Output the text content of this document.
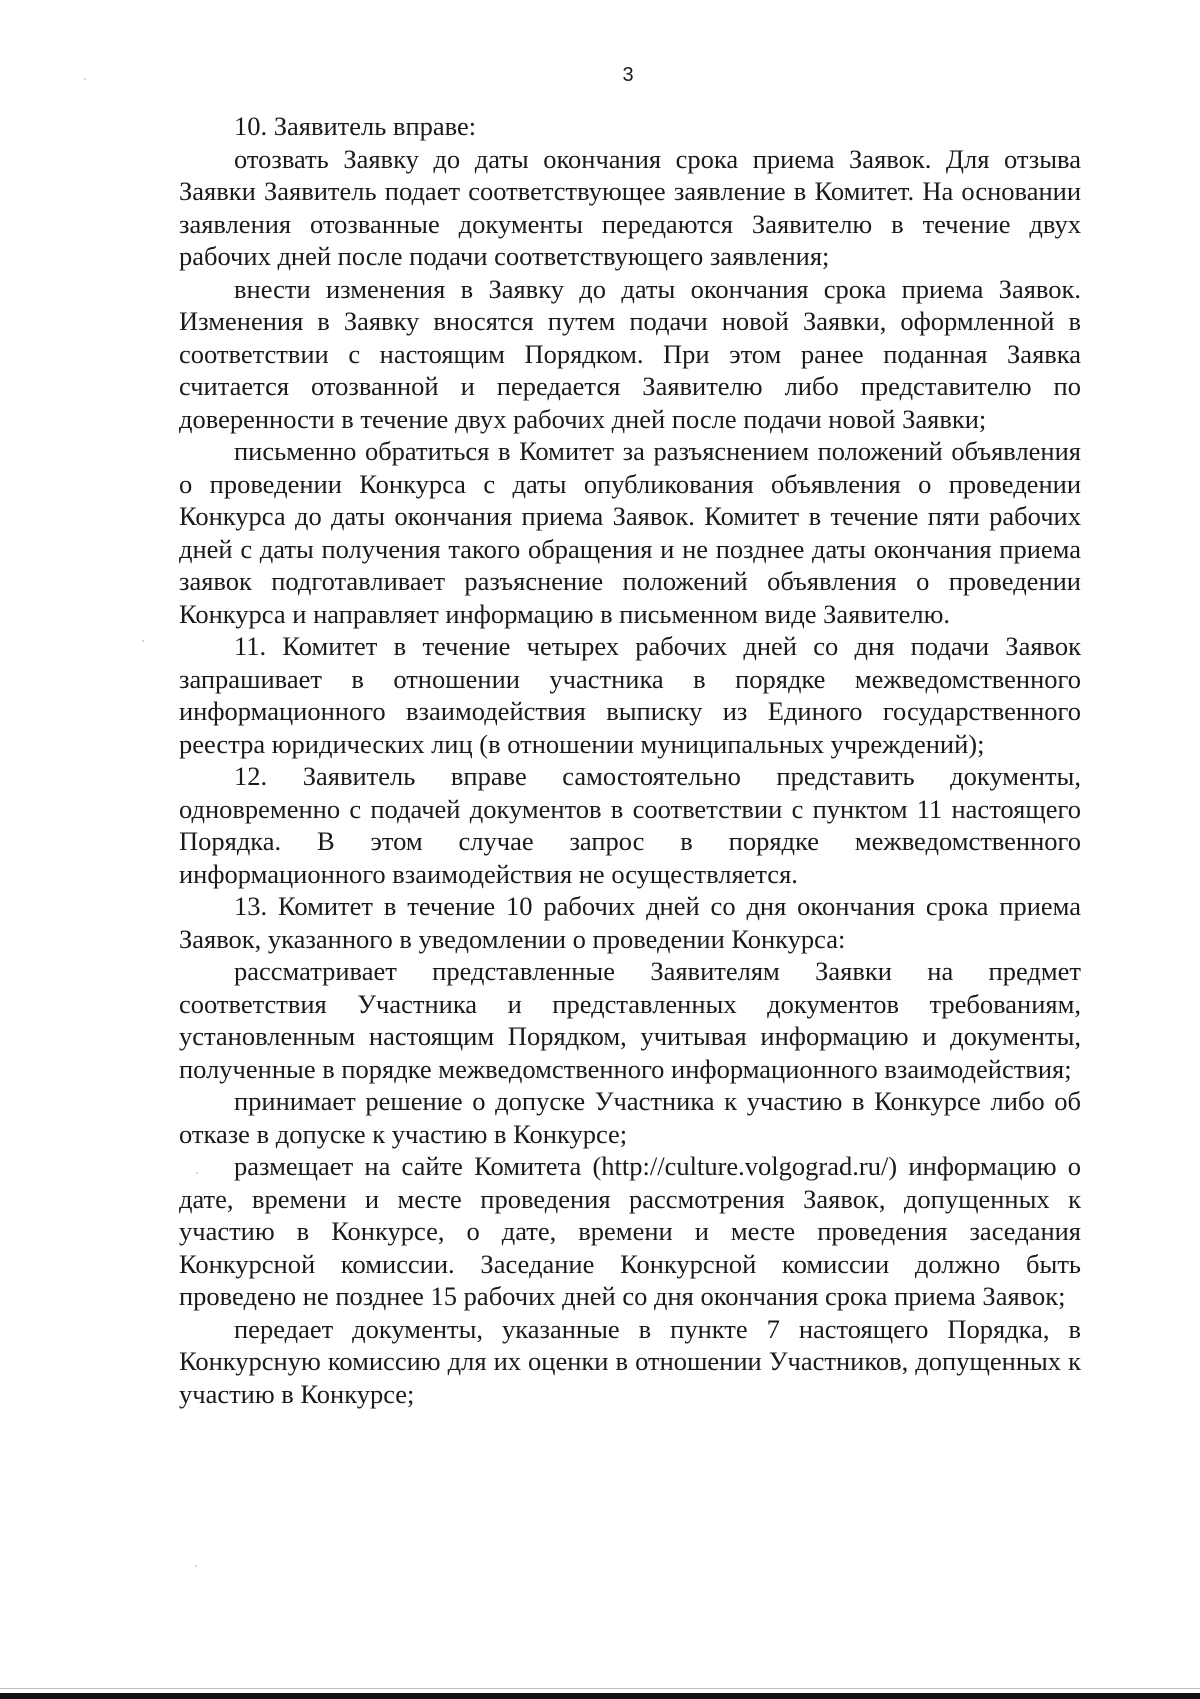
3

10. Заявитель вправе:

отозвать Заявку до даты окончания срока приема Заявок. Для отзыва Заявки Заявитель подает соответствующее заявление в Комитет. На основании заявления отозванные документы передаются Заявителю в течение двух рабочих дней после подачи соответствующего заявления;

внести изменения в Заявку до даты окончания срока приема Заявок. Изменения в Заявку вносятся путем подачи новой Заявки, оформленной в соответствии с настоящим Порядком. При этом ранее поданная Заявка считается отозванной и передается Заявителю либо представителю по доверенности в течение двух рабочих дней после подачи новой Заявки;

письменно обратиться в Комитет за разъяснением положений объявления о проведении Конкурса с даты опубликования объявления о проведении Конкурса до даты окончания приема Заявок. Комитет в течение пяти рабочих дней с даты получения такого обращения и не позднее даты окончания приема заявок подготавливает разъяснение положений объявления о проведении Конкурса и направляет информацию в письменном виде Заявителю.

11. Комитет в течение четырех рабочих дней со дня подачи Заявок запрашивает в отношении участника в порядке межведомственного информационного взаимодействия выписку из Единого государственного реестра юридических лиц (в отношении муниципальных учреждений);

12. Заявитель вправе самостоятельно представить документы, одновременно с подачей документов в соответствии с пунктом 11 настоящего Порядка. В этом случае запрос в порядке межведомственного информационного взаимодействия не осуществляется.

13. Комитет в течение 10 рабочих дней со дня окончания срока приема Заявок, указанного в уведомлении о проведении Конкурса:

рассматривает представленные Заявителям Заявки на предмет соответствия Участника и представленных документов требованиям, установленным настоящим Порядком, учитывая информацию и документы, полученные в порядке межведомственного информационного взаимодействия;

принимает решение о допуске Участника к участию в Конкурсе либо об отказе в допуске к участию в Конкурсе;

размещает на сайте Комитета (http://culture.volgograd.ru/) информацию о дате, времени и месте проведения рассмотрения Заявок, допущенных к участию в Конкурсе, о дате, времени и месте проведения заседания Конкурсной комиссии. Заседание Конкурсной комиссии должно быть проведено не позднее 15 рабочих дней со дня окончания срока приема Заявок;

передает документы, указанные в пункте 7 настоящего Порядка, в Конкурсную комиссию для их оценки в отношении Участников, допущенных к участию в Конкурсе;
